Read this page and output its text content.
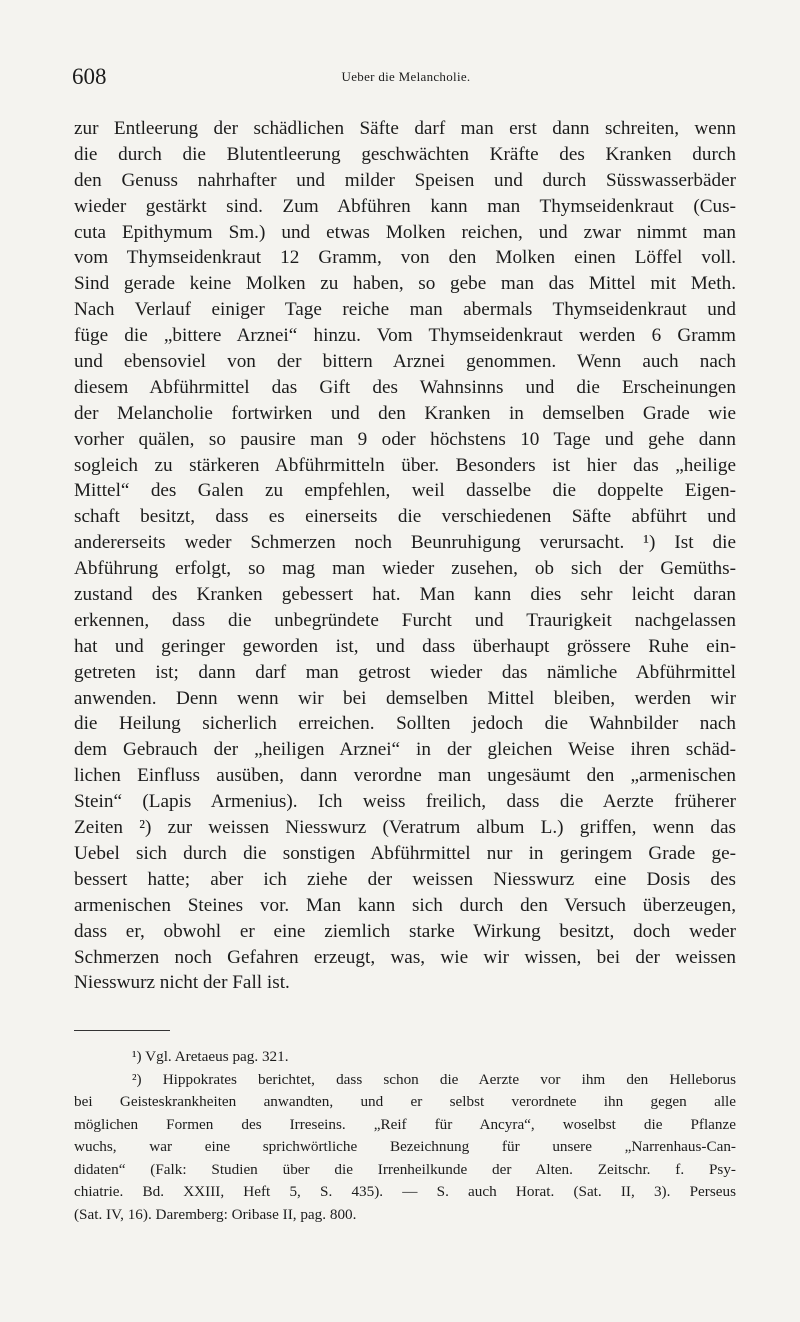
608	Ueber die Melancholie.
zur Entleerung der schädlichen Säfte darf man erst dann schreiten, wenn
die durch die Blutentleerung geschwächten Kräfte des Kranken durch
den Genuss nahrhafter und milder Speisen und durch Süsswasserbäder
wieder gestärkt sind. Zum Abführen kann man Thymseidenkraut (Cus-
cuta Epithymum Sm.) und etwas Molken reichen, und zwar nimmt man
vom Thymseidenkraut 12 Gramm, von den Molken einen Löffel voll.
Sind gerade keine Molken zu haben, so gebe man das Mittel mit Meth.
Nach Verlauf einiger Tage reiche man abermals Thymseidenkraut und
füge die „bittere Arznei“ hinzu. Vom Thymseidenkraut werden 6 Gramm
und ebensoviel von der bittern Arznei genommen. Wenn auch nach
diesem Abführmittel das Gift des Wahnsinns und die Erscheinungen
der Melancholie fortwirken und den Kranken in demselben Grade wie
vorher quälen, so pausire man 9 oder höchstens 10 Tage und gehe dann
sogleich zu stärkeren Abführmitteln über. Besonders ist hier das „heilige
Mittel“ des Galen zu empfehlen, weil dasselbe die doppelte Eigen-
schaft besitzt, dass es einerseits die verschiedenen Säfte abführt und
andererseits weder Schmerzen noch Beunruhigung verursacht. ¹) Ist die
Abführung erfolgt, so mag man wieder zusehen, ob sich der Gemüths-
zustand des Kranken gebessert hat. Man kann dies sehr leicht daran
erkennen, dass die unbegründete Furcht und Traurigkeit nachgelassen
hat und geringer geworden ist, und dass überhaupt grössere Ruhe ein-
getreten ist; dann darf man getrost wieder das nämliche Abführmittel
anwenden. Denn wenn wir bei demselben Mittel bleiben, werden wir
die Heilung sicherlich erreichen. Sollten jedoch die Wahnbilder nach
dem Gebrauch der „heiligen Arznei“ in der gleichen Weise ihren schäd-
lichen Einfluss ausüben, dann verordne man ungesäumt den „armenischen
Stein“ (Lapis Armenius). Ich weiss freilich, dass die Aerzte früherer
Zeiten ²) zur weissen Niesswurz (Veratrum album L.) griffen, wenn das
Uebel sich durch die sonstigen Abführmittel nur in geringem Grade ge-
bessert hatte; aber ich ziehe der weissen Niesswurz eine Dosis des
armenischen Steines vor. Man kann sich durch den Versuch überzeugen,
dass er, obwohl er eine ziemlich starke Wirkung besitzt, doch weder
Schmerzen noch Gefahren erzeugt, was, wie wir wissen, bei der weissen
Niesswurz nicht der Fall ist.
¹) Vgl. Aretaeus pag. 321.
²) Hippokrates berichtet, dass schon die Aerzte vor ihm den Helleborus
bei Geisteskrankheiten anwandten, und er selbst verordnete ihn gegen alle
möglichen Formen des Irreseins. „Reif für Ancyra“, woselbst die Pflanze
wuchs, war eine sprichwörtliche Bezeichnung für unsere „Narrenhaus-Can-
didaten“ (Falk: Studien über die Irrenheilkunde der Alten. Zeitschr. f. Psy-
chiatrie. Bd. XXIII, Heft 5, S. 435). — S. auch Horat. (Sat. II, 3). Perseus
(Sat. IV, 16). Daremberg: Oribase II, pag. 800.
